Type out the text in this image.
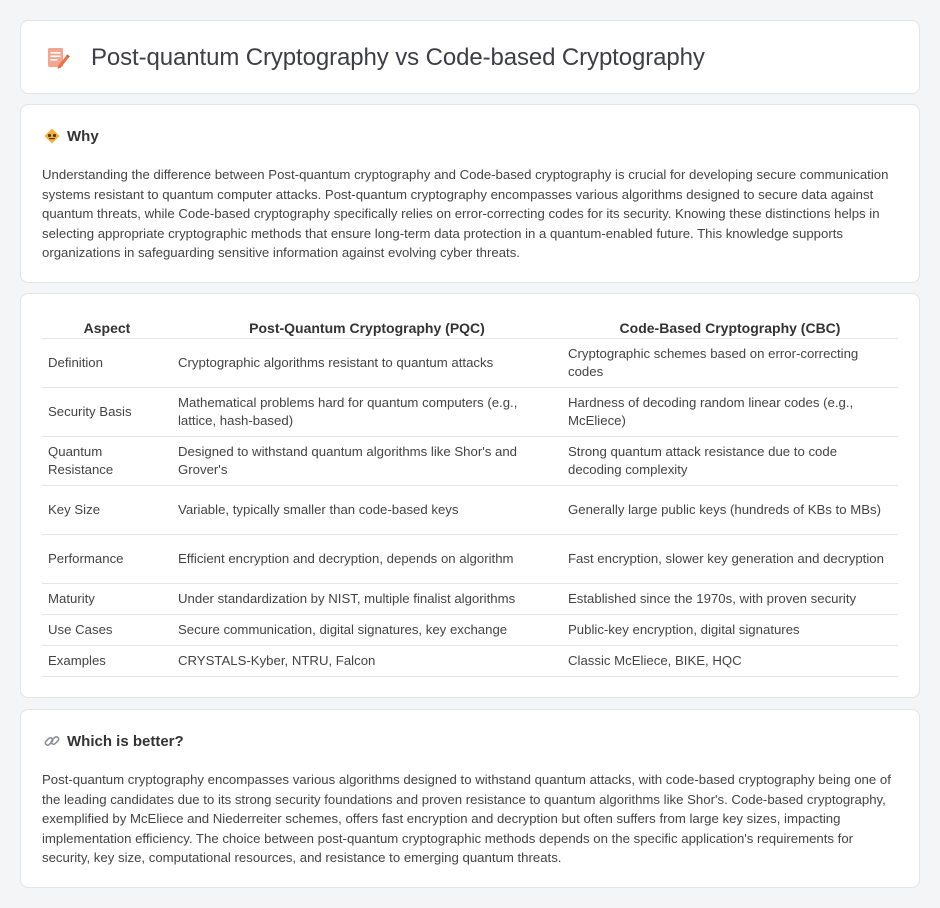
Post-quantum Cryptography vs Code-based Cryptography
Why

Understanding the difference between Post-quantum cryptography and Code-based cryptography is crucial for developing secure communication systems resistant to quantum computer attacks. Post-quantum cryptography encompasses various algorithms designed to secure data against quantum threats, while Code-based cryptography specifically relies on error-correcting codes for its security. Knowing these distinctions helps in selecting appropriate cryptographic methods that ensure long-term data protection in a quantum-enabled future. This knowledge supports organizations in safeguarding sensitive information against evolving cyber threats.

Aspect	Post-Quantum Cryptography (PQC)	Code-Based Cryptography (CBC)
Definition	Cryptographic algorithms resistant to quantum attacks	Cryptographic schemes based on error-correcting codes
Security Basis	Mathematical problems hard for quantum computers (e.g., lattice, hash-based)	Hardness of decoding random linear codes (e.g., McEliece)
Quantum Resistance	Designed to withstand quantum algorithms like Shor's and Grover's	Strong quantum attack resistance due to code decoding complexity
Key Size	Variable, typically smaller than code-based keys	Generally large public keys (hundreds of KBs to MBs)
Performance	Efficient encryption and decryption, depends on algorithm	Fast encryption, slower key generation and decryption
Maturity	Under standardization by NIST, multiple finalist algorithms	Established since the 1970s, with proven security
Use Cases	Secure communication, digital signatures, key exchange	Public-key encryption, digital signatures
Examples	CRYSTALS-Kyber, NTRU, Falcon	Classic McEliece, BIKE, HQC
Which is better?

Post-quantum cryptography encompasses various algorithms designed to withstand quantum attacks, with code-based cryptography being one of the leading candidates due to its strong security foundations and proven resistance to quantum algorithms like Shor's. Code-based cryptography, exemplified by McEliece and Niederreiter schemes, offers fast encryption and decryption but often suffers from large key sizes, impacting implementation efficiency. The choice between post-quantum cryptographic methods depends on the specific application's requirements for security, key size, computational resources, and resistance to emerging quantum threats.
